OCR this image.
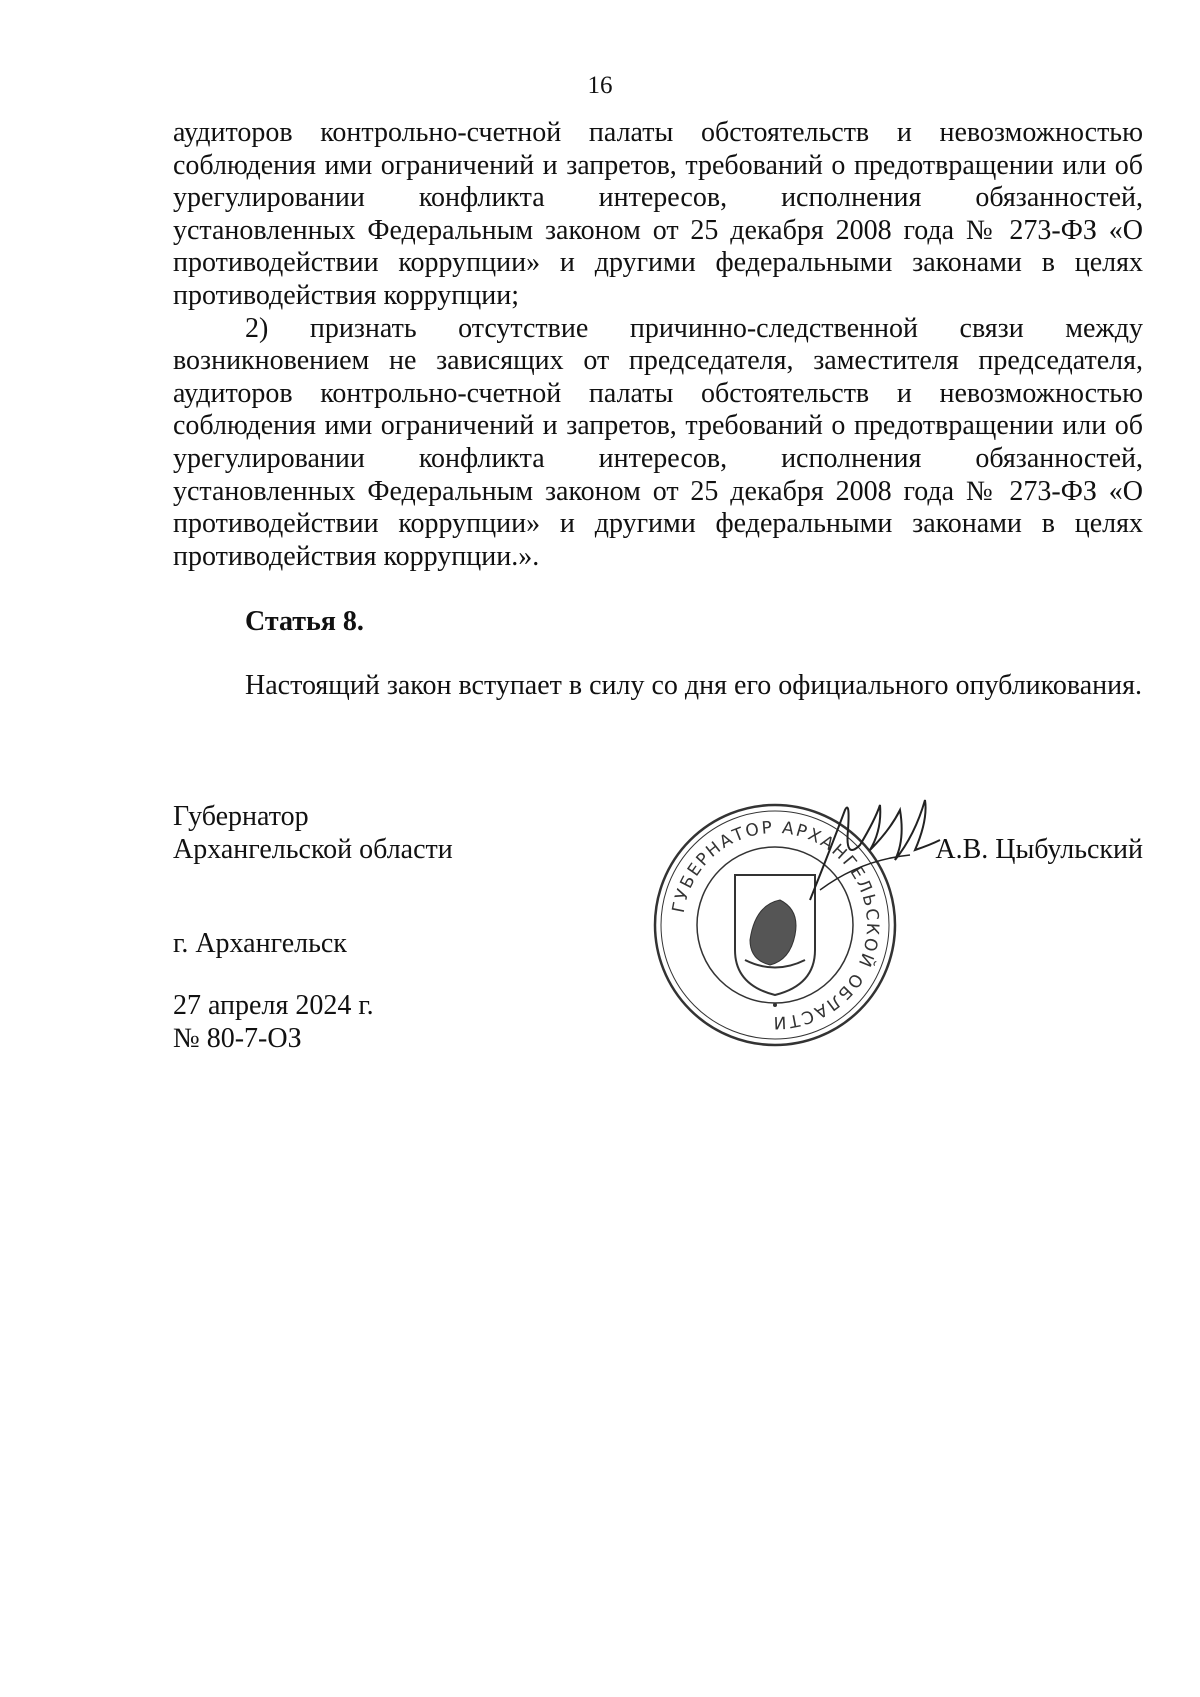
16

аудиторов контрольно-счетной палаты обстоятельств и невозможностью соблюдения ими ограничений и запретов, требований о предотвращении или об урегулировании конфликта интересов, исполнения обязанностей, установленных Федеральным законом от 25 декабря 2008 года № 273-ФЗ «О противодействии коррупции» и другими федеральными законами в целях противодействия коррупции;

2) признать отсутствие причинно-следственной связи между возникновением не зависящих от председателя, заместителя председателя, аудиторов контрольно-счетной палаты обстоятельств и невозможностью соблюдения ими ограничений и запретов, требований о предотвращении или об урегулировании конфликта интересов, исполнения обязанностей, установленных Федеральным законом от 25 декабря 2008 года № 273-ФЗ «О противодействии коррупции» и другими федеральными законами в целях противодействия коррупции.».

Статья 8.

Настоящий закон вступает в силу со дня его официального опубликования.

Губернатор
Архангельской области	А.В. Цыбульский
ГУБЕРНАТОР АРХАНГЕЛЬСКОЙ ОБЛАСТИ
г. Архангельск
27 апреля 2024 г.
№ 80-7-ОЗ
